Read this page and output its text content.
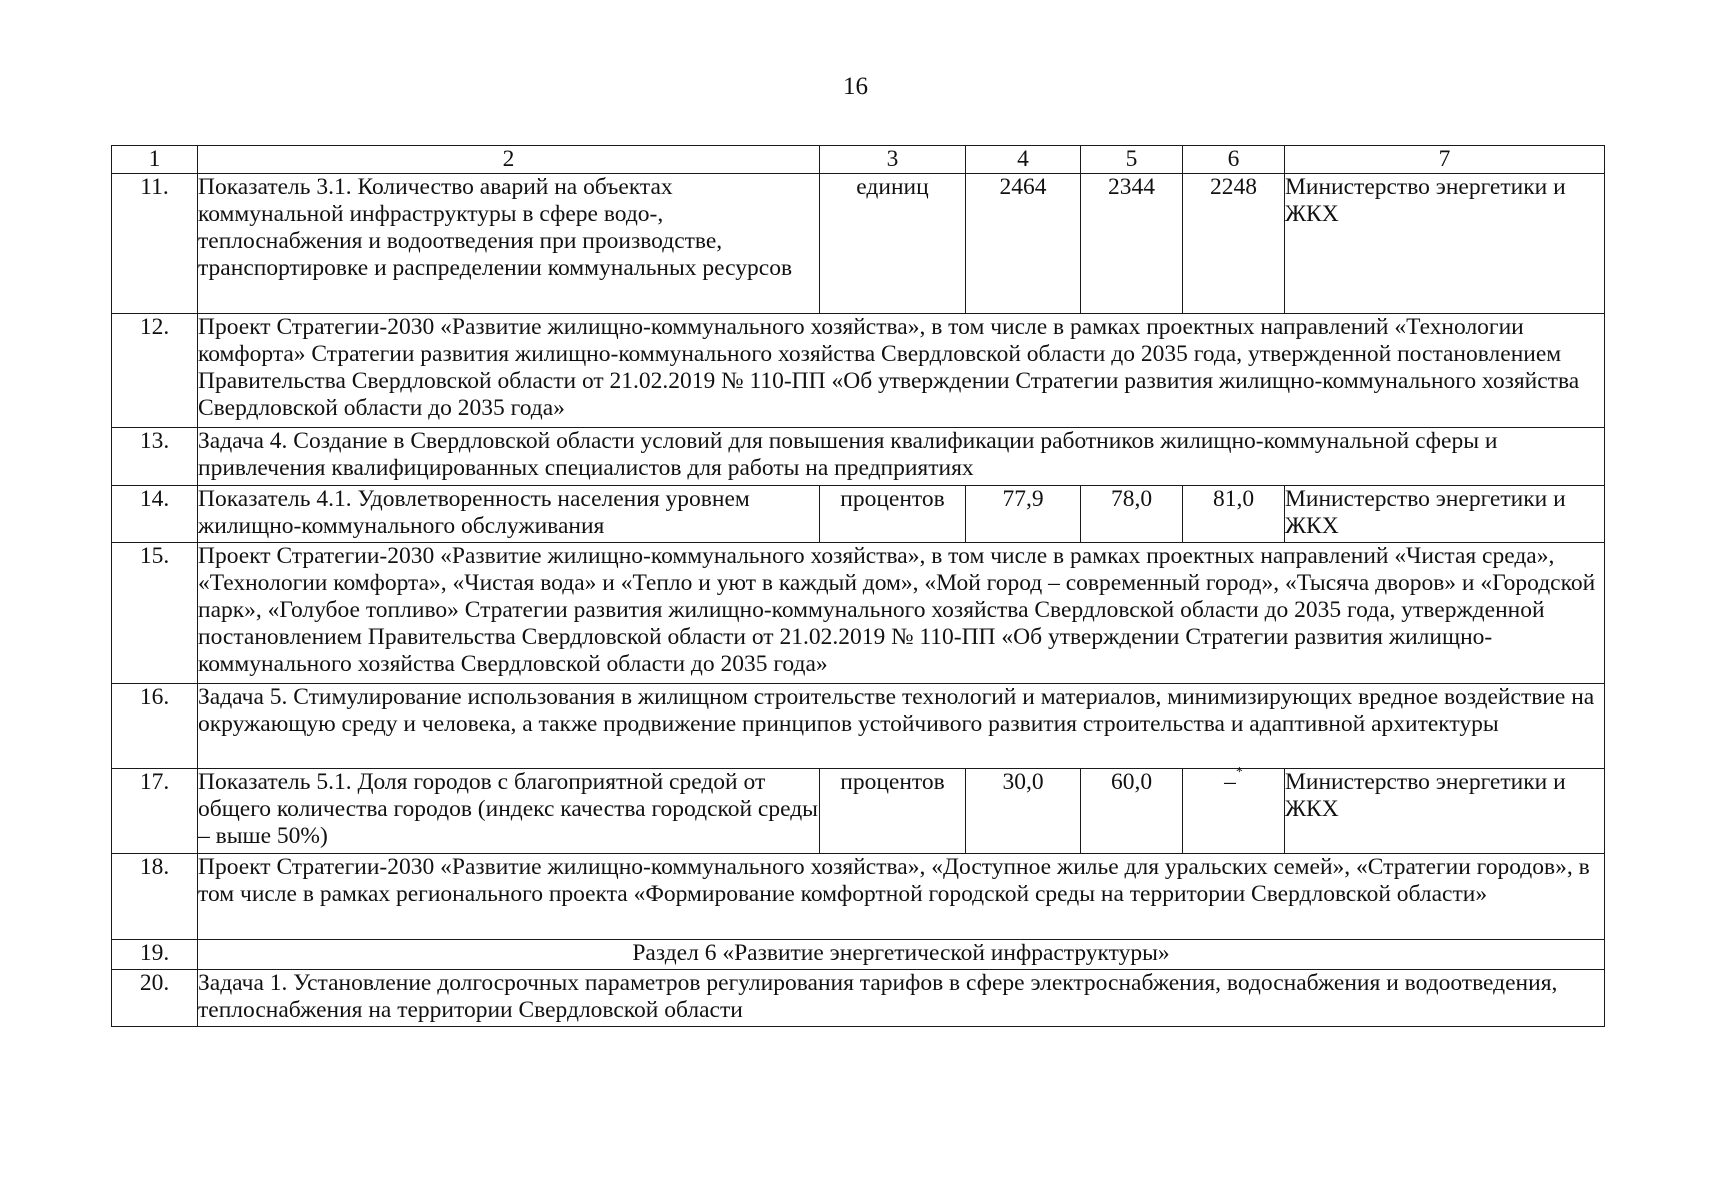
16
1	2	3	4	5	6	7
11.	Показатель 3.1. Количество аварий на объектах коммунальной инфраструктуры в сфере водо-, теплоснабжения и водоотведения при производстве, транспортировке и распределении коммунальных ресурсов	единиц	2464	2344	2248	Министерство энергетики и ЖКХ
12.	Проект Стратегии-2030 «Развитие жилищно-коммунального хозяйства», в том числе в рамках проектных направлений «Технологии комфорта» Стратегии развития жилищно-коммунального хозяйства Свердловской области до 2035 года, утвержденной постановлением Правительства Свердловской области от 21.02.2019 № 110-ПП «Об утверждении Стратегии развития жилищно-коммунального хозяйства Свердловской области до 2035 года»					
13.	Задача 4. Создание в Свердловской области условий для повышения квалификации работников жилищно-коммунальной сферы и привлечения квалифицированных специалистов для работы на предприятиях					
14.	Показатель 4.1. Удовлетворенность населения уровнем жилищно-коммунального обслуживания	процентов	77,9	78,0	81,0	Министерство энергетики и ЖКХ
15.	Проект Стратегии-2030 «Развитие жилищно-коммунального хозяйства», в том числе в рамках проектных направлений «Чистая среда», «Технологии комфорта», «Чистая вода» и «Тепло и уют в каждый дом», «Мой город – современный город», «Тысяча дворов» и «Городской парк», «Голубое топливо» Стратегии развития жилищно-коммунального хозяйства Свердловской области до 2035 года, утвержденной постановлением Правительства Свердловской области от 21.02.2019 № 110-ПП «Об утверждении Стратегии развития жилищно-коммунального хозяйства Свердловской области до 2035 года»					
16.	Задача 5. Стимулирование использования в жилищном строительстве технологий и материалов, минимизирующих вредное воздействие на окружающую среду и человека, а также продвижение принципов устойчивого развития строительства и адаптивной архитектуры					
17.	Показатель 5.1. Доля городов с благоприятной средой от общего количества городов (индекс качества городской среды – выше 50%)	процентов	30,0	60,0	–*	Министерство энергетики и ЖКХ
18.	Проект Стратегии-2030 «Развитие жилищно-коммунального хозяйства», «Доступное жилье для уральских семей», «Стратегии городов», в том числе в рамках регионального проекта «Формирование комфортной городской среды на территории Свердловской области»					
19.	Раздел 6 «Развитие энергетической инфраструктуры»					
20.	Задача 1. Установление долгосрочных параметров регулирования тарифов в сфере электроснабжения, водоснабжения и водоотведения, теплоснабжения на территории Свердловской области					
